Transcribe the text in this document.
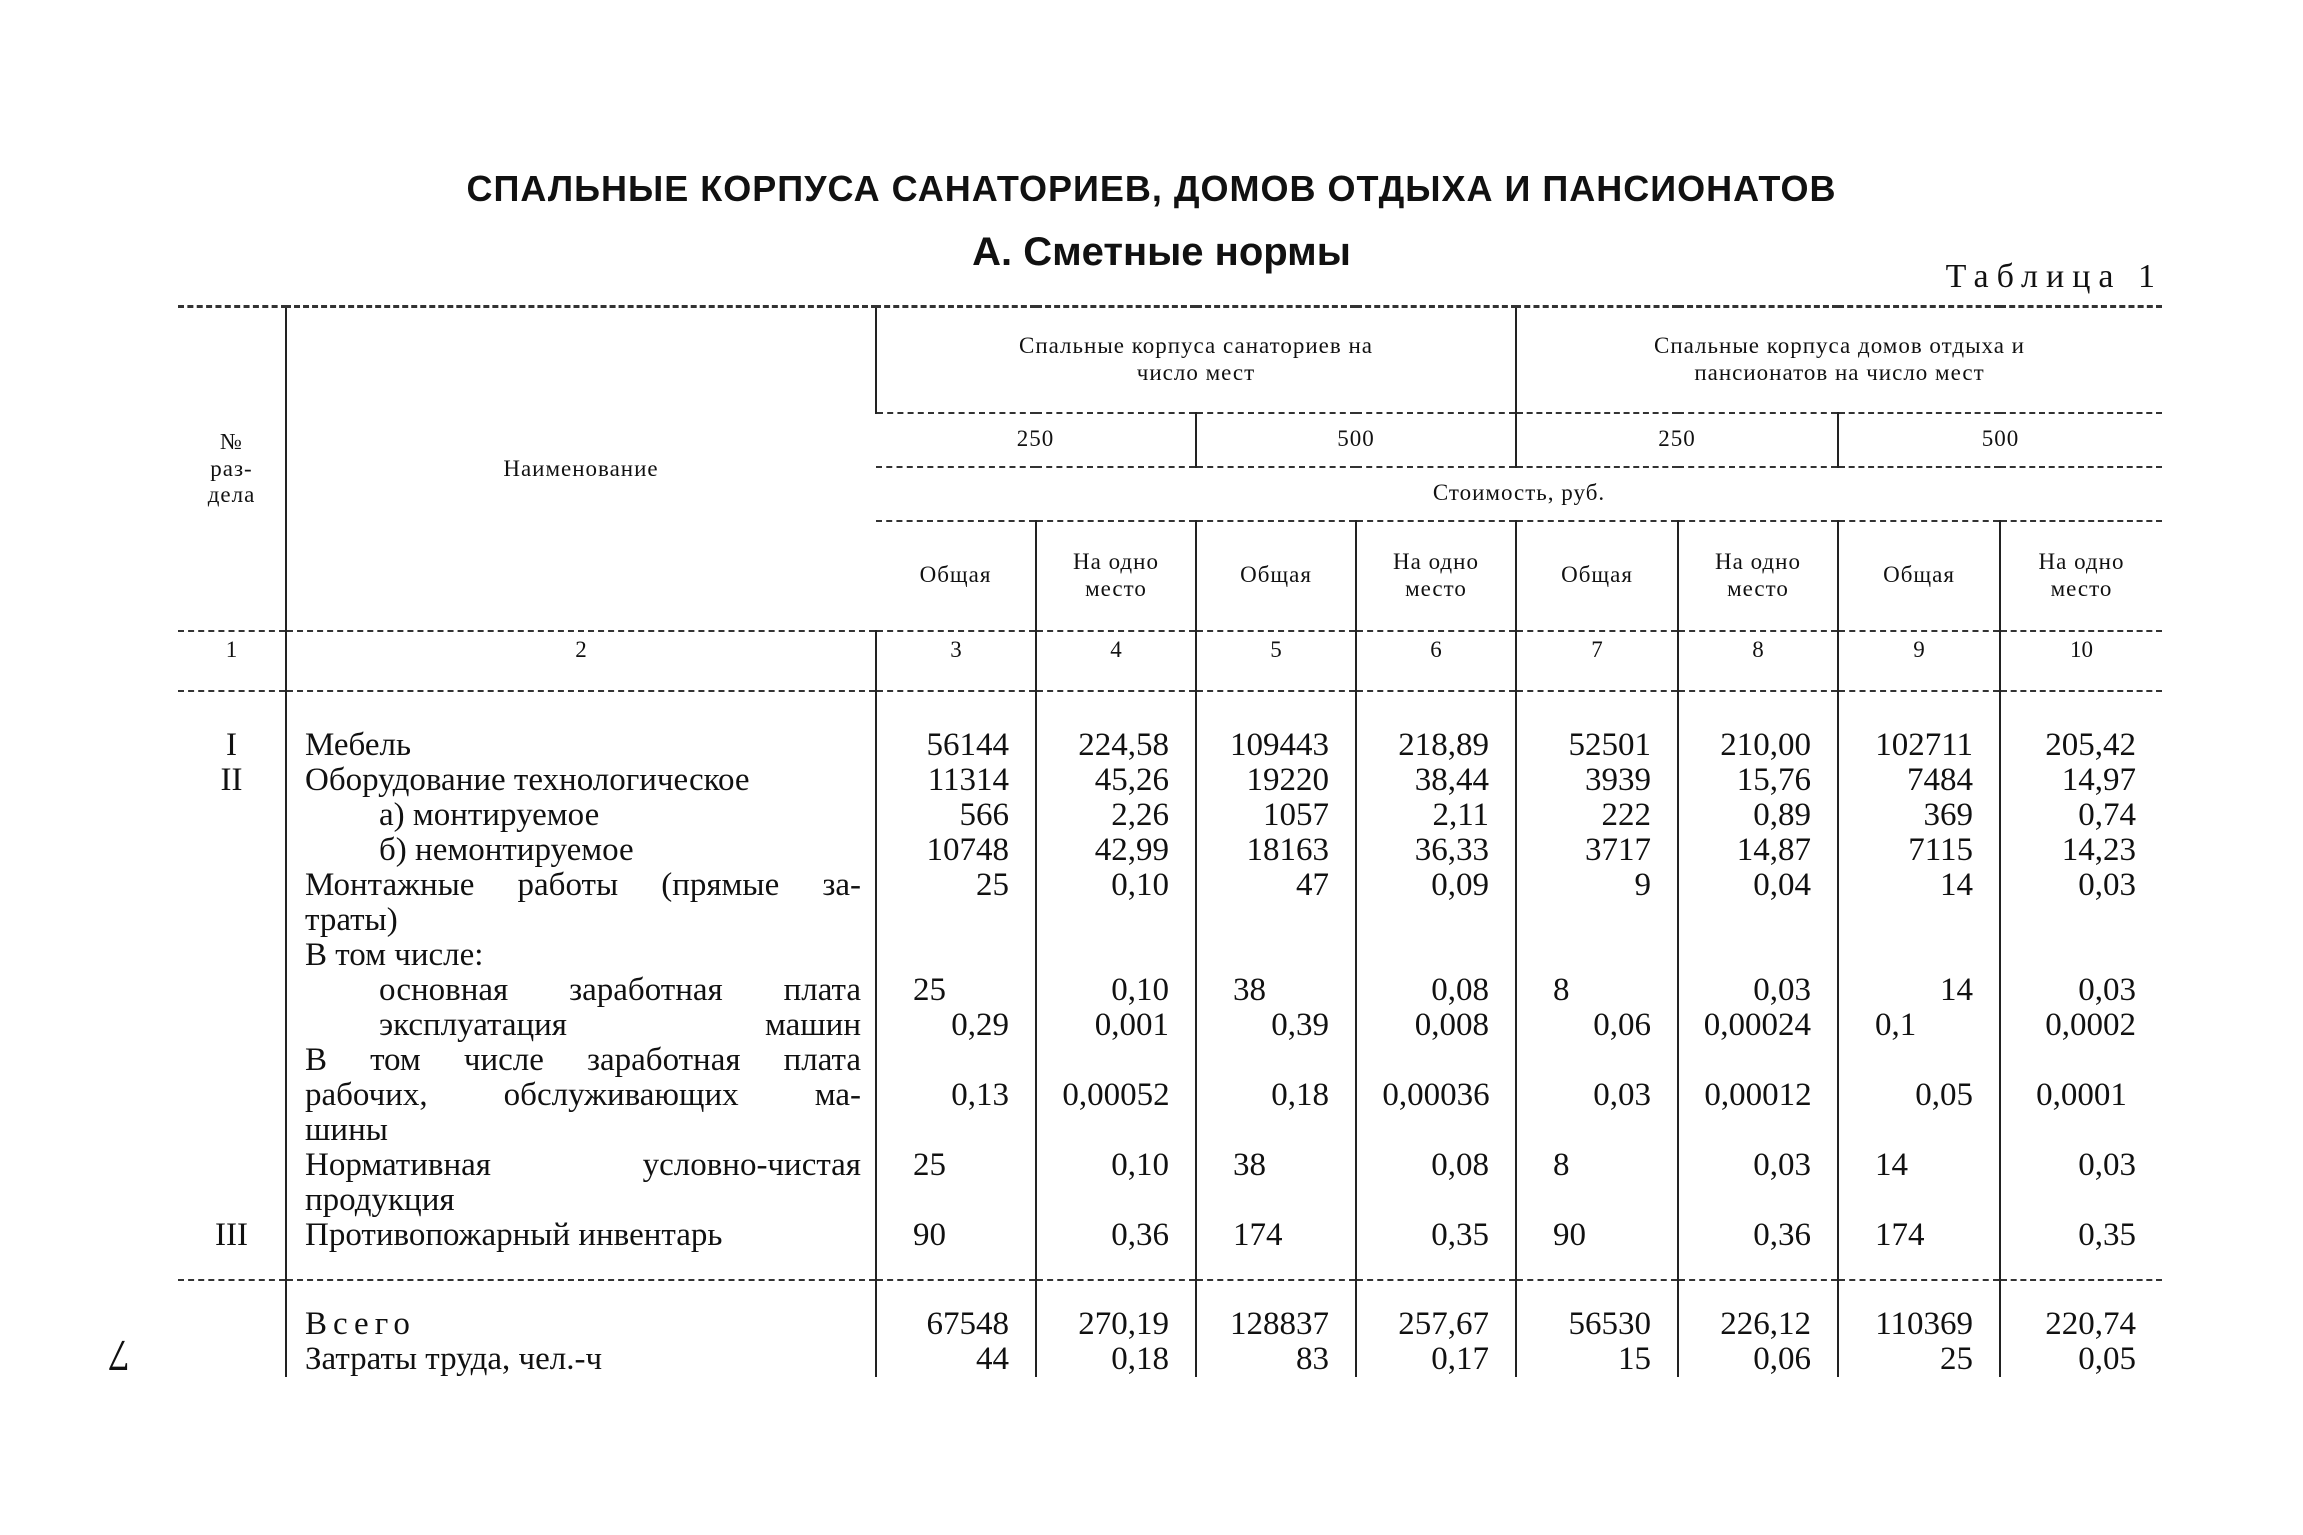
СПАЛЬНЫЕ КОРПУСА САНАТОРИЕВ, ДОМОВ ОТДЫХА И ПАНСИОНАТОВ
А. Сметные нормы
Таблица 1
7
№ раз-дела	Наименование	Спальные корпуса санаториев на число мест				Спальные корпуса домов отдыха и пансионатов на число мест			

		250		500		250		500	
		Стоимость, руб.							
		Общая	На одно место	Общая	На одно место	Общая	На одно место	Общая	На одно место

1	2	3	4	5	6	7	8	9	10

I	Мебель	56144	224,58	109443	218,89	52501	210,00	102711	205,42
II	Оборудование технологическое	11314	45,26	19220	38,44	3939	15,76	7484	14,97
	а) монтируемое	566	2,26	1057	2,11	222	0,89	369	0,74
	б) немонтируемое	10748	42,99	18163	36,33	3717	14,87	7115	14,23
	Монтажные работы (прямые за-	25	0,10	47	0,09	9	0,04	14	0,03
	траты)								
	В том числе:								
	основная заработная плата	25	0,10	38	0,08	8	0,03	14	0,03
	эксплуатация машин	0,29	0,001	0,39	0,008	0,06	0,00024	0,1	0,0002
	В том числе заработная плата								
	рабочих, обслуживающих ма-	0,13	0,00052	0,18	0,00036	0,03	0,00012	0,05	0,0001
	шины								
	Нормативная условно-чистая	25	0,10	38	0,08	8	0,03	14	0,03
	продукция								
III	Противопожарный инвентарь	90	0,36	174	0,35	90	0,36	174	0,35

	Всего	67548	270,19	128837	257,67	56530	226,12	110369	220,74
	Затраты труда, чел.-ч	44	0,18	83	0,17	15	0,06	25	0,05
